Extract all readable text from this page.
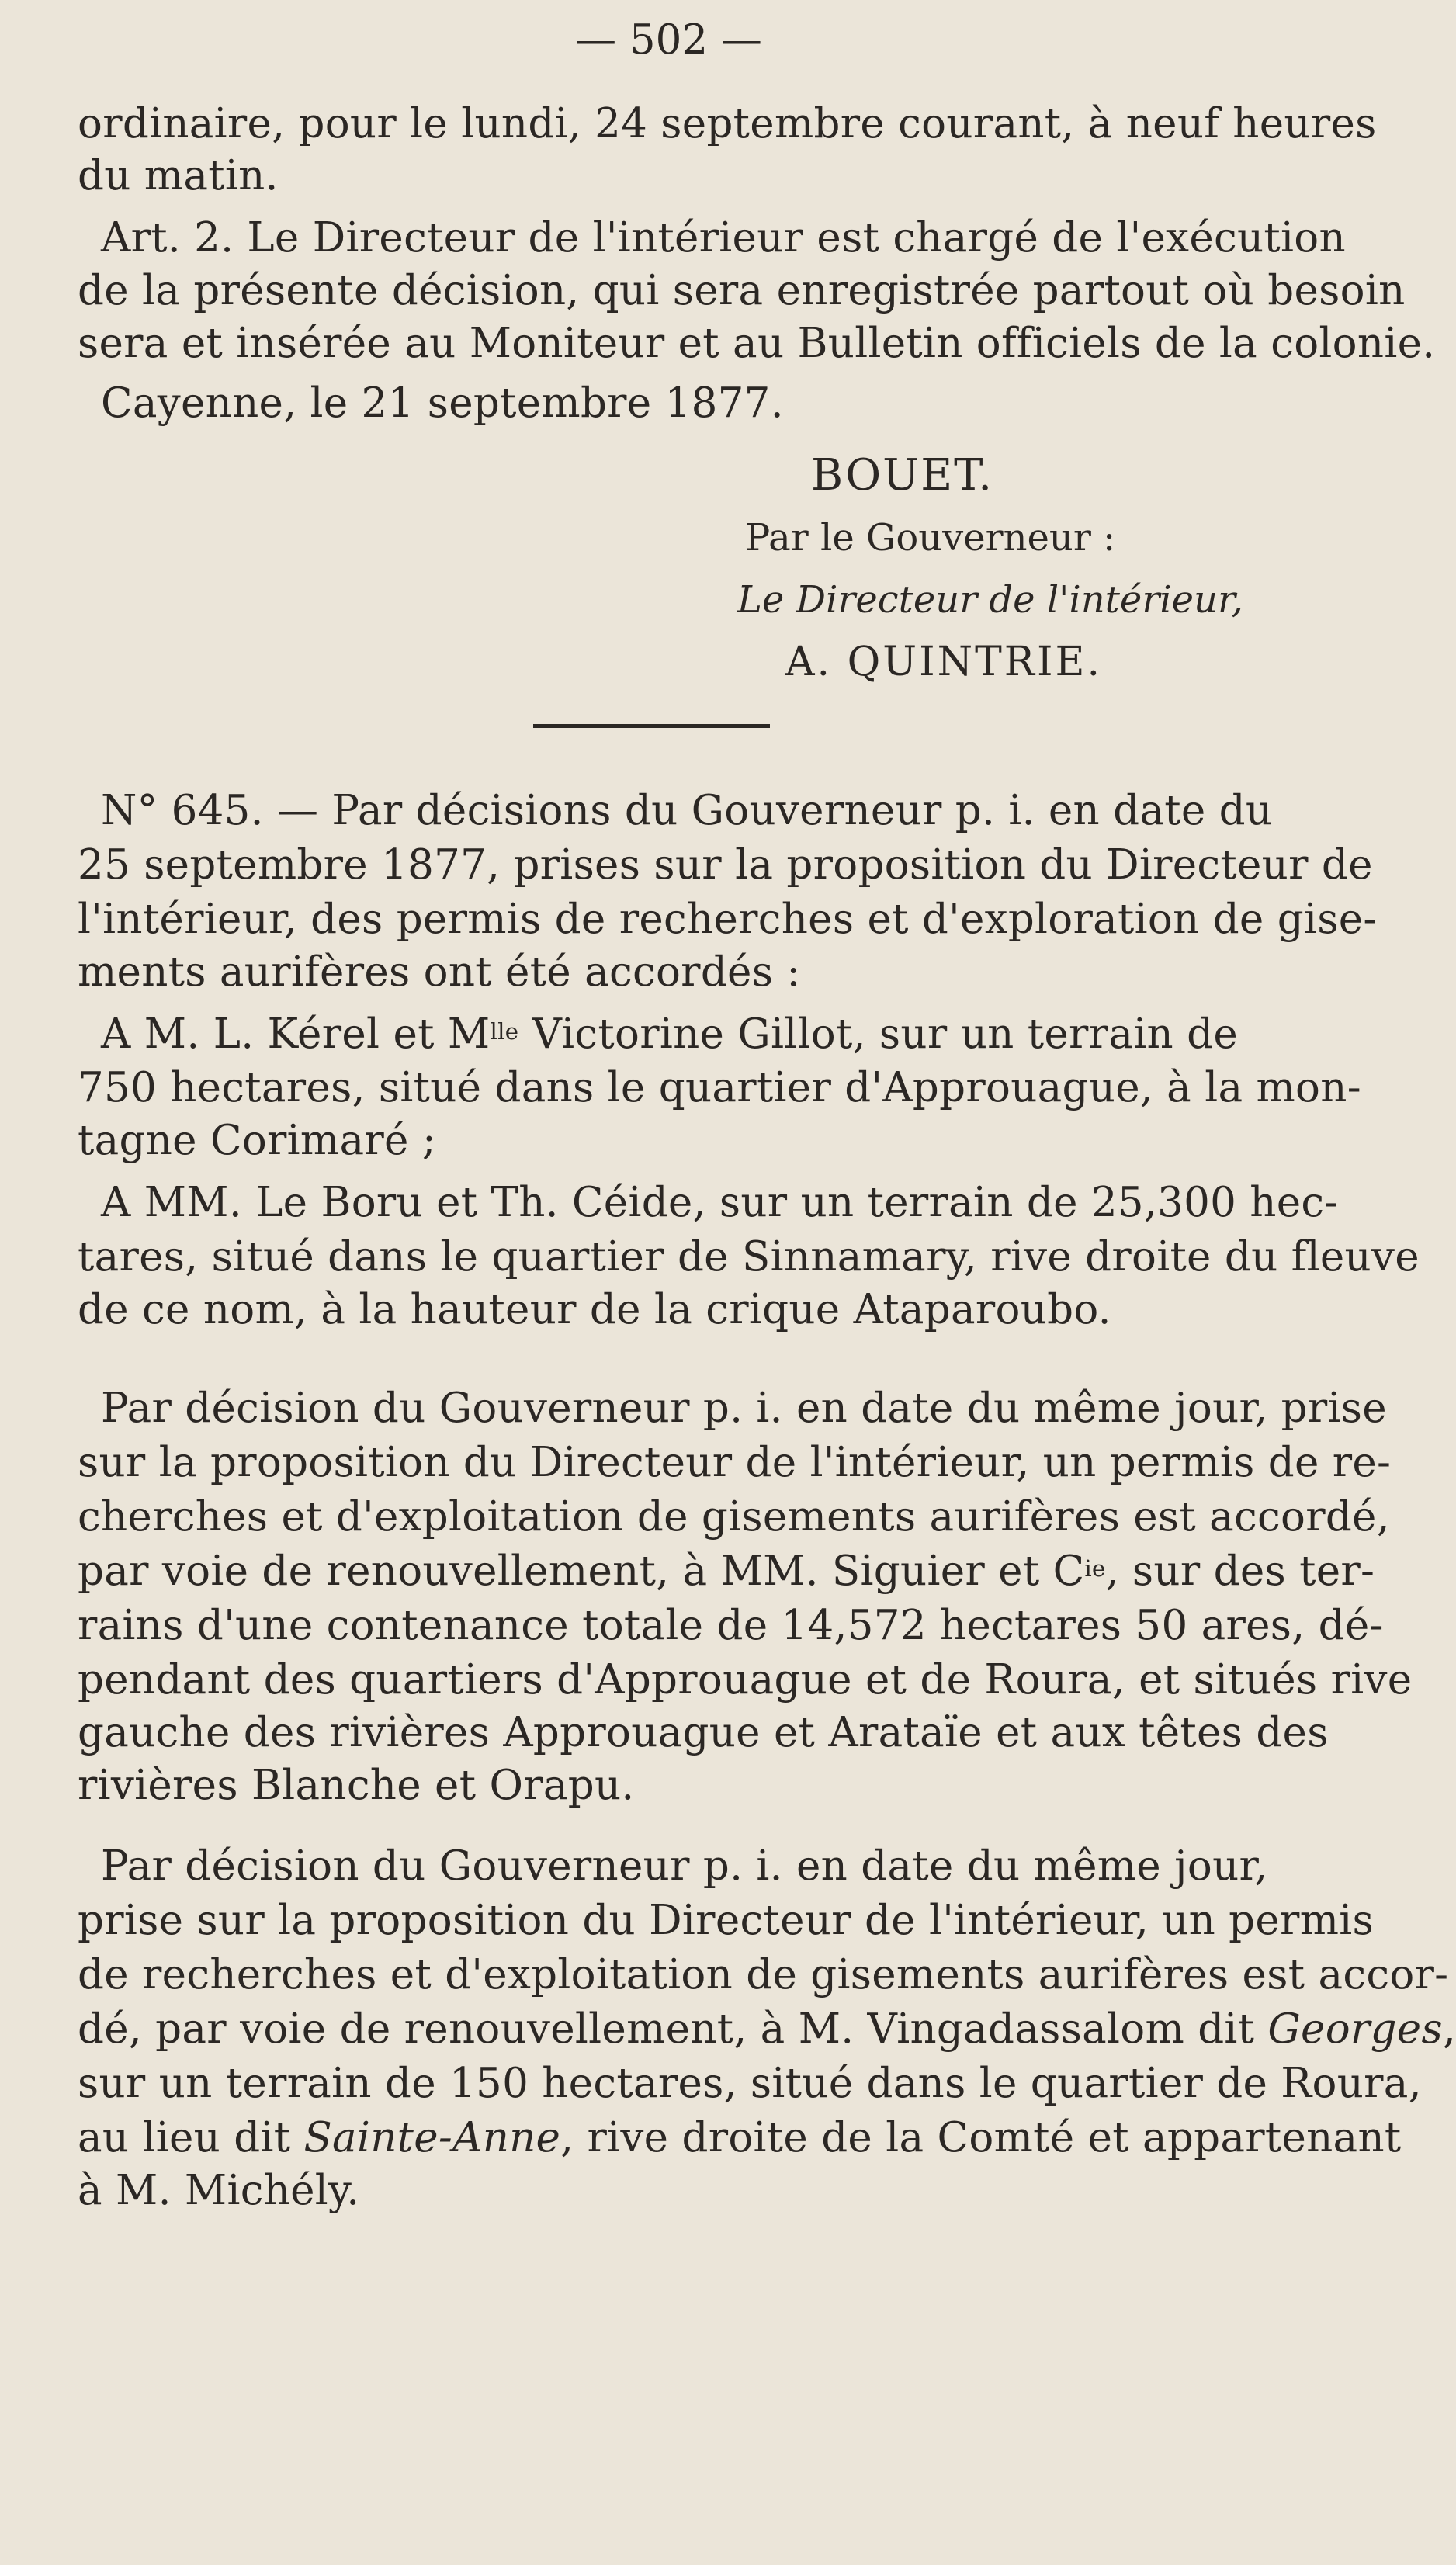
— 502 —
ordinaire, pour le lundi, 24 septembre courant, à neuf heures
du matin.
Art. 2. Le Directeur de l'intérieur est chargé de l'exécution
de la présente décision, qui sera enregistrée partout où besoin
sera et insérée au Moniteur et au Bulletin officiels de la colonie.
Cayenne, le 21 septembre 1877.
BOUET.
Par le Gouverneur :
Le Directeur de l'intérieur,
A. QUINTRIE.
N° 645. — Par décisions du Gouverneur p. i. en date du
25 septembre 1877, prises sur la proposition du Directeur de
l'intérieur, des permis de recherches et d'exploration de gise-
ments aurifères ont été accordés :
A M. L. Kérel et $M^{lle}$ Victorine Gillot, sur un terrain de
750 hectares, situé dans le quartier d'Approuague, à la mon-
tagne Corimaré ;
A MM. Le Boru et Th. Céide, sur un terrain de 25,300 hec-
tares, situé dans le quartier de Sinnamary, rive droite du fleuve
de ce nom, à la hauteur de la crique Ataparoubo.
Par décision du Gouverneur p. i. en date du même jour, prise
sur la proposition du Directeur de l'intérieur, un permis de re-
cherches et d'exploitation de gisements aurifères est accordé,
par voie de renouvellement, à MM. Siguier et $C^{ie}$, sur des ter-
rains d'une contenance totale de 14,572 hectares 50 ares, dé-
pendant des quartiers d'Approuague et de Roura, et situés rive
gauche des rivières Approuague et Arataïe et aux têtes des
rivières Blanche et Orapu.
Par décision du Gouverneur p. i. en date du même jour,
prise sur la proposition du Directeur de l'intérieur, un permis
de recherches et d'exploitation de gisements aurifères est accor-
dé, par voie de renouvellement, à M. Vingadassalom dit Georges,
sur un terrain de 150 hectares, situé dans le quartier de Roura,
au lieu dit Sainte-Anne, rive droite de la Comté et appartenant
à M. Michély.
